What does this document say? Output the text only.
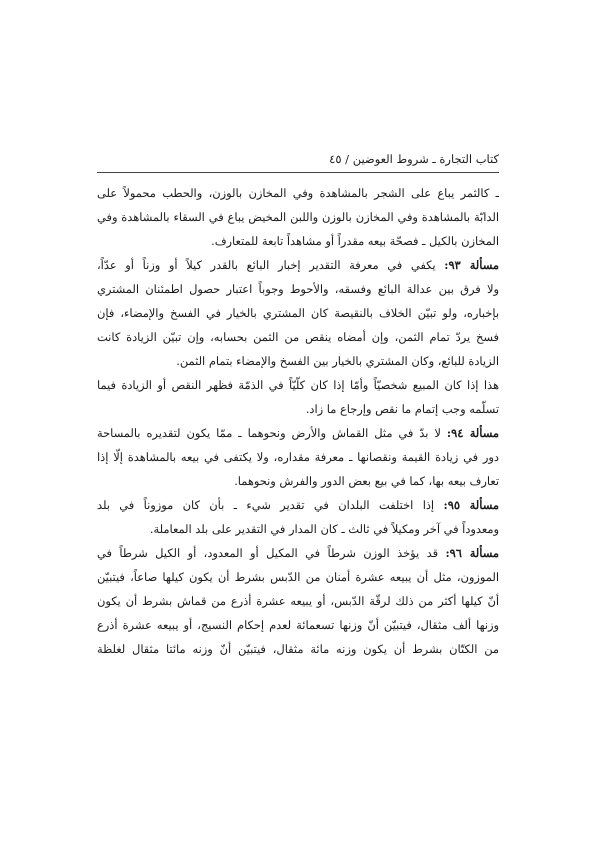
كتاب التجارة ـ شروط العوضين / ٤٥
ـ كالثمر يباع على الشجر بالمشاهدة وفي المخازن بالوزن، والحطب محمولاً على
الدابّة بالمشاهدة وفي المخازن بالوزن واللبن المخيض يباع في السقاء بالمشاهدة وفي
المخازن بالكيل ـ فصحّة بيعه مقدراً أو مشاهداً تابعة للمتعارف.
مسألة ٩٣: يكفي في معرفة التقدير إخبار البائع بالقدر كيلاً أو وزناً أو عدّاً،
ولا فرق بين عدالة البائع وفسقه، والأحوط وجوباً اعتبار حصول اطمئنان المشتري
بإخباره، ولو تبيّن الخلاف بالنقيصة كان المشتري بالخيار في الفسخ والإمضاء، فإن
فسخ يردّ تمام الثمن، وإن أمضاه ينقص من الثمن بحسابه، وإن تبيّن الزيادة كانت
الزيادة للبائع، وكان المشتري بالخيار بين الفسخ والإمضاء بتمام الثمن.
هذا إذا كان المبيع شخصيّاً وأمّا إذا كان كلّيّاً في الذمّة فظهر النقص أو الزيادة فيما
تسلّمه وجب إتمام ما نقص وإرجاع ما زاد.
مسألة ٩٤: لا بدّ في مثل القماش والأرض ونحوهما ـ ممّا يكون لتقديره بالمساحة
دور في زيادة القيمة ونقصانها ـ معرفة مقداره، ولا يكتفى في بيعه بالمشاهدة إلّا إذا
تعارف بيعه بها، كما في بيع بعض الدور والفرش ونحوهما.
مسألة ٩٥: إذا اختلفت البلدان في تقدير شيء ـ بأن كان موزوناً في بلد
ومعدوداً في آخر ومكيلاً في ثالث ـ كان المدار في التقدير على بلد المعاملة.
مسألة ٩٦: قد يؤخذ الوزن شرطاً في المكيل أو المعدود، أو الكيل شرطاً في
الموزون، مثل أن يبيعه عشرة أمنان من الدّبس بشرط أن يكون كيلها صاعاً، فيتبيّن
أنّ كيلها أكثر من ذلك لرقّة الدّبس، أو يبيعه عشرة أذرع من قماش بشرط أن يكون
وزنها ألف مثقال، فيتبيّن أنّ وزنها تسعمائة لعدم إحكام النسيج، أو يبيعه عشرة أذرع
من الكتّان بشرط أن يكون وزنه مائة مثقال، فيتبيّن أنّ وزنه مائتا مثقال لغلظة
